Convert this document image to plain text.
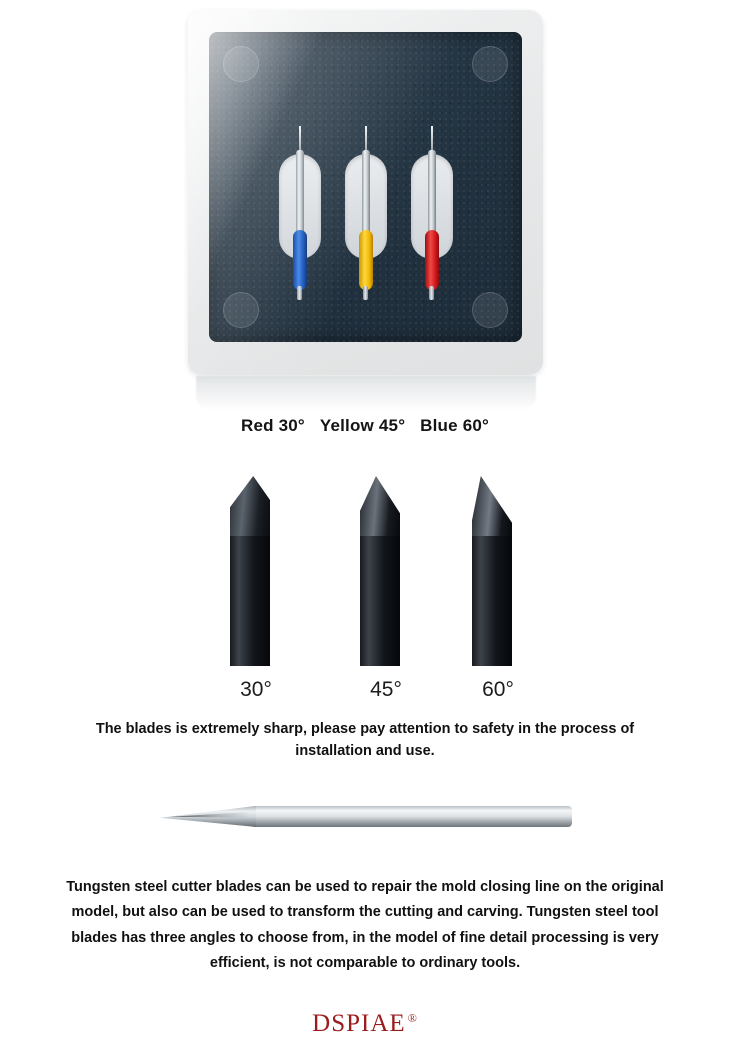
Red 30° Yellow 45° Blue 60°
30°	45°	60°
The blades is extremely sharp, please pay attention to safety in the process of installation and use.
Tungsten steel cutter blades can be used to repair the mold closing line on the original model, but also can be used to transform the cutting and carving. Tungsten steel tool blades has three angles to choose from, in the model of fine detail processing is very efficient, is not comparable to ordinary tools.
DSPIAE ®
